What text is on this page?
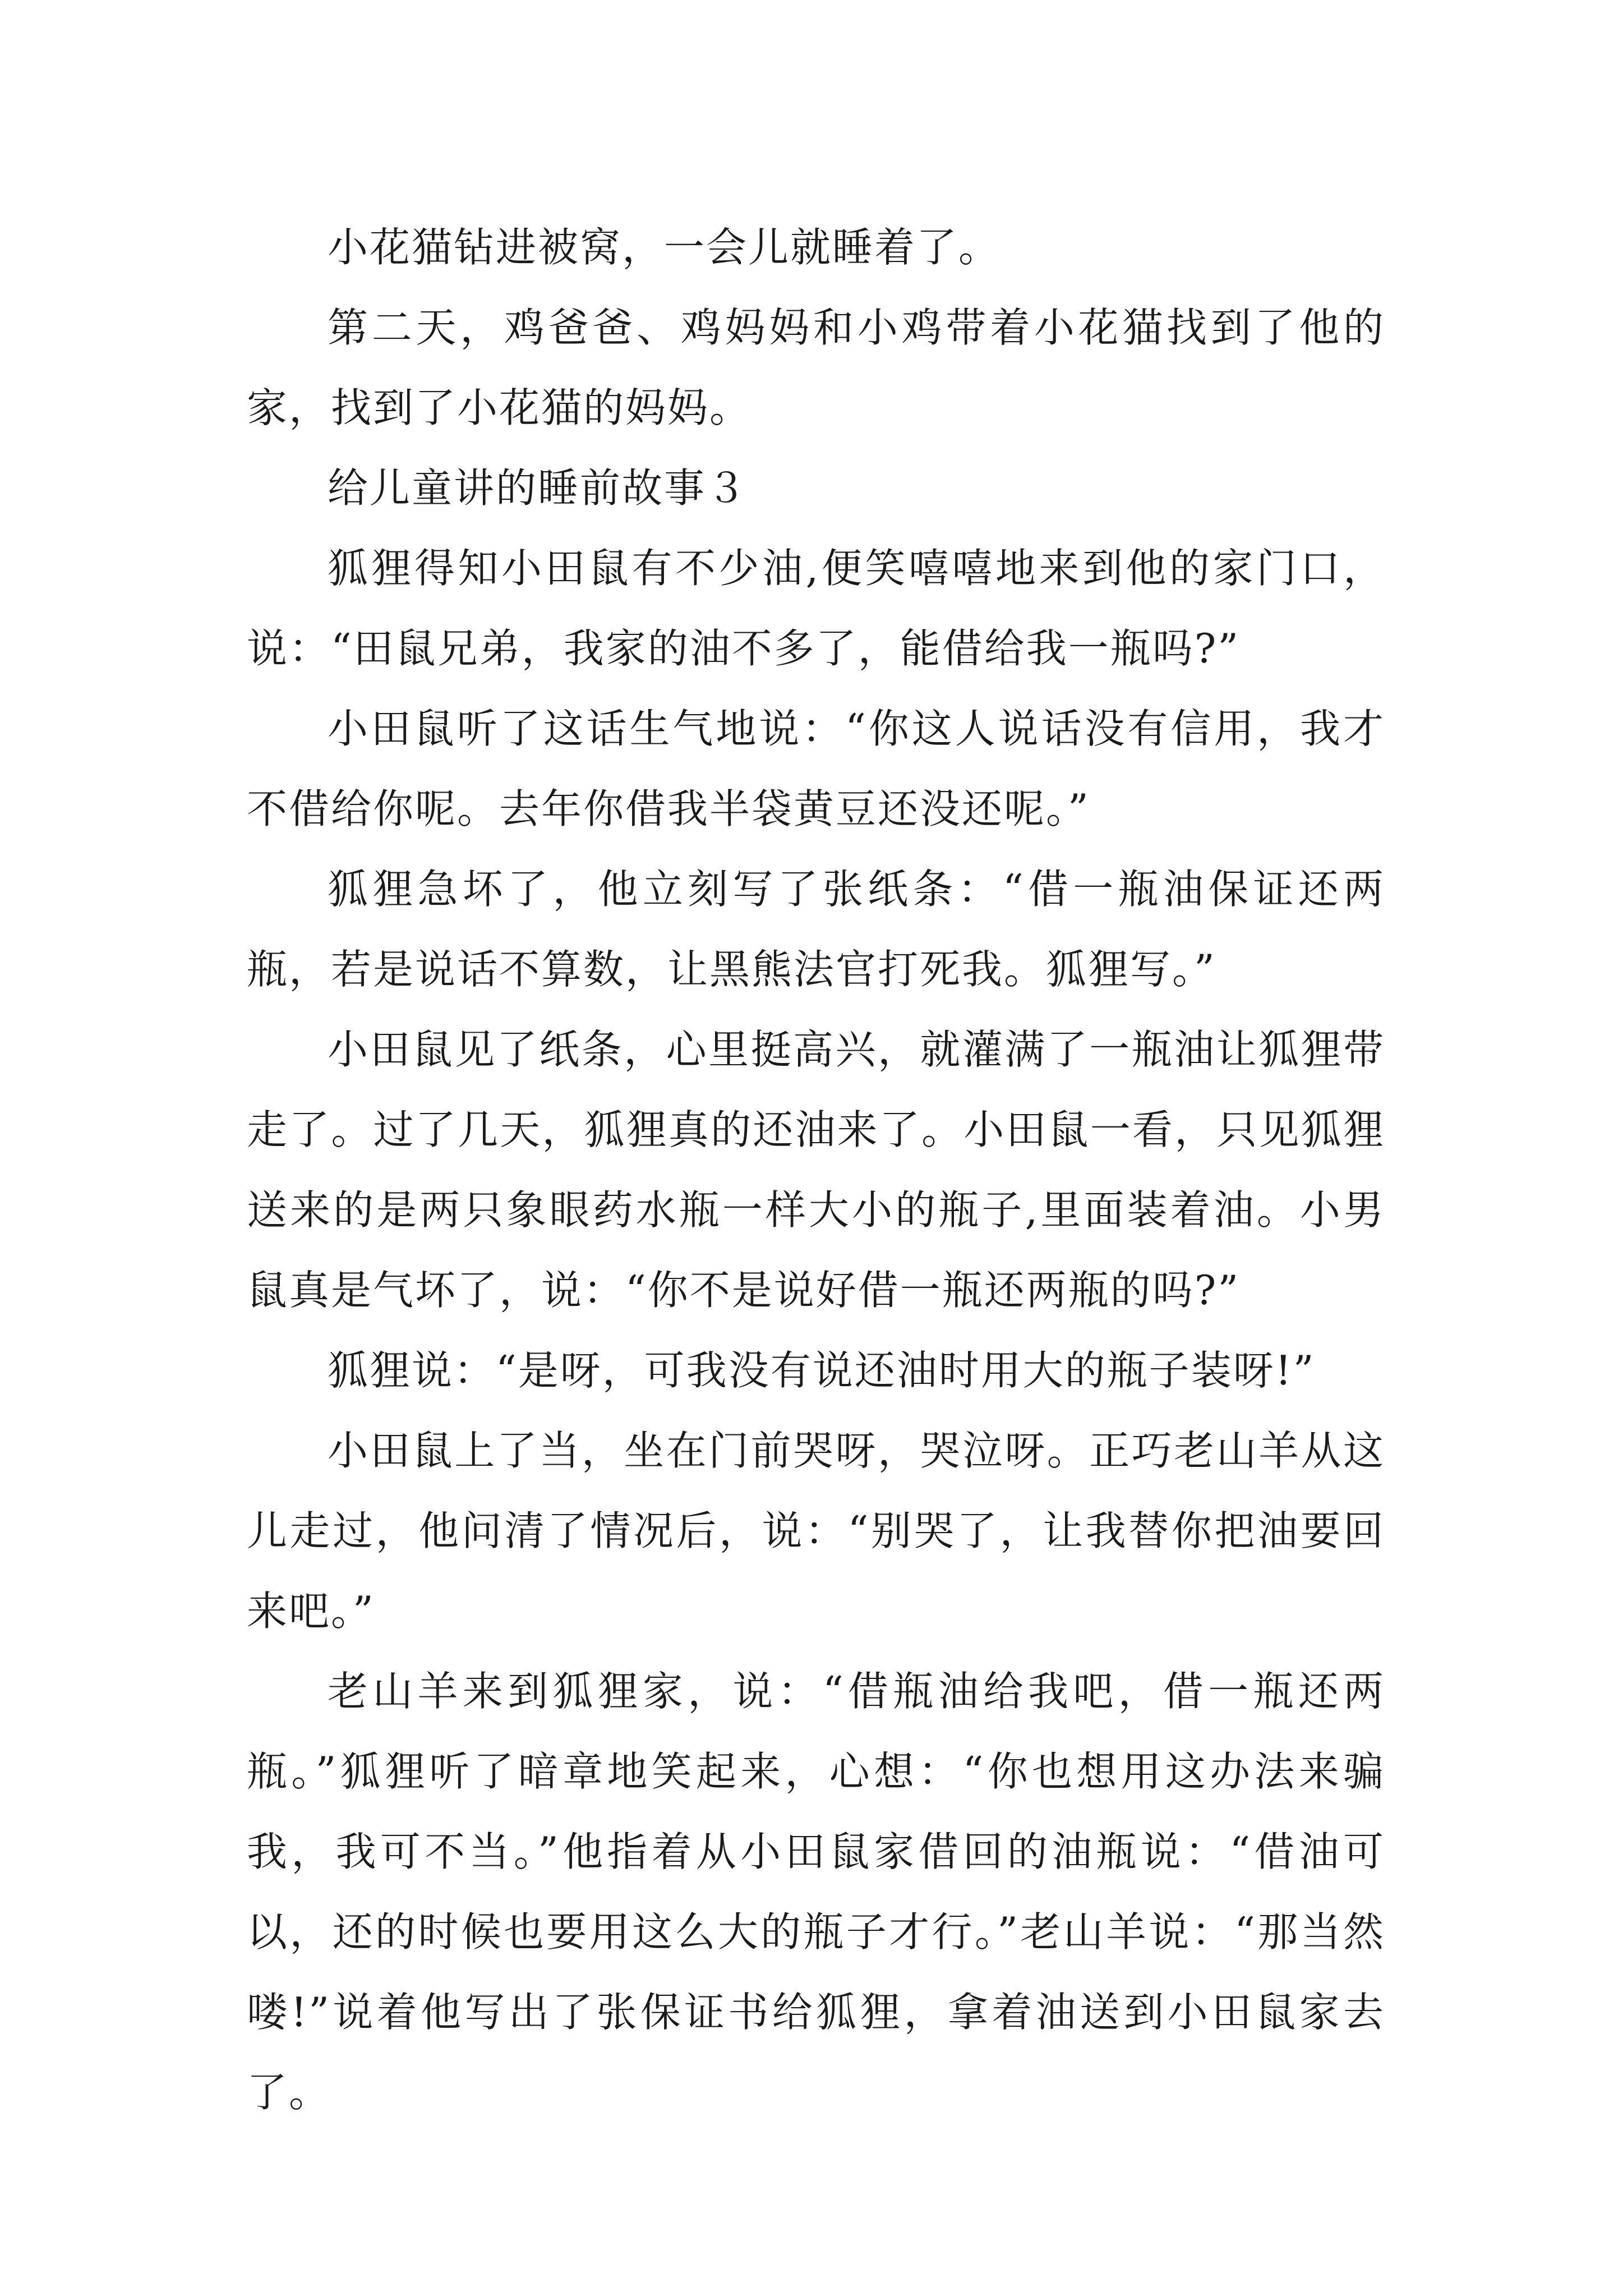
小花猫钻进被窝，一会儿就睡着了。

第二天，鸡爸爸、鸡妈妈和小鸡带着小花猫找到了他的家，找到了小花猫的妈妈。

给儿童讲的睡前故事３

狐狸得知小田鼠有不少油,便笑嘻嘻地来到他的家门口，说：“田鼠兄弟，我家的油不多了，能借给我一瓶吗?”

小田鼠听了这话生气地说：“你这人说话没有信用，我才不借给你呢。去年你借我半袋黄豆还没还呢。”

狐狸急坏了，他立刻写了张纸条：“借一瓶油保证还两瓶，若是说话不算数，让黑熊法官打死我。狐狸写。”

小田鼠见了纸条，心里挺高兴，就灌满了一瓶油让狐狸带走了。过了几天，狐狸真的还油来了。小田鼠一看，只见狐狸送来的是两只象眼药水瓶一样大小的瓶子,里面装着油。小男鼠真是气坏了，说：“你不是说好借一瓶还两瓶的吗?”

狐狸说：“是呀，可我没有说还油时用大的瓶子装呀!”

小田鼠上了当，坐在门前哭呀，哭泣呀。正巧老山羊从这儿走过，他问清了情况后，说：“别哭了，让我替你把油要回来吧。”

老山羊来到狐狸家，说：“借瓶油给我吧，借一瓶还两瓶。”狐狸听了暗章地笑起来，心想：“你也想用这办法来骗我，我可不当。”他指着从小田鼠家借回的油瓶说：“借油可以，还的时候也要用这么大的瓶子才行。”老山羊说：“那当然喽!”说着他写出了张保证书给狐狸，拿着油送到小田鼠家去了。
